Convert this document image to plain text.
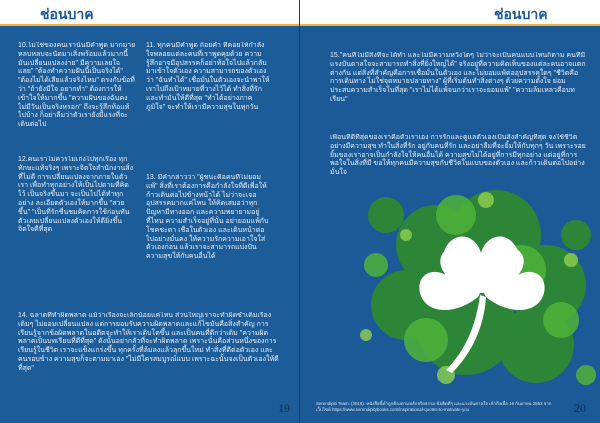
ช่อนบาค
10.ไม่ใช่ของคนเราน้ันมีคำพูด มากมายหลบหลบจะนัดมาเสิ่งพร้อมแล้วมากนี้ มันเปลี่ยนแปลงง่าย" มีความเลยใจ แลย" "ต้องทำความฝันนี้เป็นจริงได้" "ต้องไม่ได้เสียแล้วจริงไหม" ตรงกับข้อที่ว่า "ถ้ายังมีใจ อยากทำ" ต้องการให้เข้าใจให้มากขึ้น "ความฝันของฉันคงไม่มีวันเป็นจริงหรอก" ถึงจะรู้สึกท้อแท้ไปบ้าง ก็อย่าลืมว่าตัวเรายังมีแรงที่จะเดินต่อไป
12.คนเราไม่ควรไม่เก่งไปทุกเรื่อง ทุกทักษะแท้จริงๆ เพราะจิตใจสำนักงานสิ่งที่ไม่ดี การเปลี่ยนแปลงจากภายในตัวเรา เพื่อทำทุกอย่างให้เป็นไปตามที่คิดไว้ เป็นจริงขึ้นมา จะเป็นไปได้ทำทุกอย่าง ละเอียดตัวเองให้มากขึ้น "สวยขึ้น" "เป็นที่รักชื่นชมคิดการใช้ก่อนทันตัวเลยเปลี่ยนแปลงตัวเองให้ดียิ่งขึ้น จิตใจดีที่สุด
11. ทุกคนมีคำพูด ถ้อยคำ ที่คอยให้กำลังใจพลอยแต่ละคนที่เราพูดคุยด้วย ความรู้สึกอาจมีอุปสรรคก็อย่าท้อใจไปแล้วกลับมาเข้าใจตัวเอง ความสามารถของตัวเองว่า "ฉันทำได้" เชื่อมั่นในตัวเองจะนำพาให้เราไปถึงเป้าหมายที่วางไว้ได้ ทำสิ่งที่รักและทำมันให้ดีที่สุด "ทำได้อย่างภาคภูมิใจ" จะทำให้เรามีความสุขในทุกวัน
13. มีคำกล่าวว่า "ผู้ชนะคือคนที่ไม่ยอมแพ้" สิ่งที่เราต้องการคือกำลังใจที่ดีเพื่อให้ก้าวเดินต่อไปข้างหน้าได้ ไม่ว่าจะเจออุปสรรคมากแค่ไหน ให้คิดเสมอว่าทุกปัญหามีทางออก และความพยายามอยู่ที่ไหน ความสำเร็จอยู่ที่นั่น อย่ายอมแพ้กับโชคชะตา เชื่อในตัวเอง และเดินหน้าต่อไปอย่างมั่นคง ให้ความรักความเอาใจใส่ตัวเองก่อน แล้วเราจะสามารถแบ่งปันความสุขให้กับคนอื่นได้
14. ฉลาดที่ทำผิดพลาด แม้ว่าเรื่องจะเล็กน้อยแค่ไหน ส่วนใหญ่เราจะทำผิดซ้ำเดิมเรื่องเดิมๆ ไม่ยอมเปลี่ยนแปลง แต่การยอมรับความผิดพลาดและแก้ไขมันคือสิ่งสำคัญ การเรียนรู้จากข้อผิดพลาดในอดีตจะทำให้เราเติบโตขึ้น และเป็นคนที่ดีกว่าเดิม "ความผิดพลาดเป็นบทเรียนที่ดีที่สุด" ดังนั้นอย่ากลัวที่จะทำผิดพลาด เพราะนั่นคือส่วนหนึ่งของการเรียนรู้ในชีวิต เราจะแข็งแกร่งขึ้น ทุกครั้งที่ล้มลงแล้วลุกขึ้นใหม่ ทำสิ่งที่ดีต่อตัวเอง และคนรอบข้าง ความสุขก็จะตามมาเอง "ไม่มีใครสมบูรณ์แบบ เพราะฉะนั้นจงเป็นตัวเองให้ดีที่สุด"
19
ช่อนบาค
15."คนที่ไม่มีสิ่งที่จะได้ทำ และไม่มีความหวังใดๆ ไม่ว่าจะเป็นคนแบบไหนก็ตาม คนที่มีแรงบันดาลใจจะสามารถทำสิ่งที่ยิ่งใหญ่ได้" จริงอยู่ที่ความคิดเห็นของแต่ละคนอาจแตกต่างกัน แต่สิ่งที่สำคัญคือการเชื่อมั่นในตัวเอง และไม่ยอมแพ้ต่ออุปสรรคใดๆ "ชีวิตคือการเดินทาง ไม่ใช่จุดหมายปลายทาง" ผู้ที่เริ่มต้นทำสิ่งต่างๆ ด้วยความตั้งใจ ย่อมประสบความสำเร็จในที่สุด "เราไม่ได้แพ้จนกว่าเราจะยอมแพ้" "ความล้มเหลวคือบทเรียน"
เพื่อนที่ดีที่สุดของเราคือตัวเราเอง การรักและดูแลตัวเองเป็นสิ่งสำคัญที่สุด จงใช้ชีวิตอย่างมีความสุข ทำในสิ่งที่รัก อยู่กับคนที่รัก และอย่าลืมที่จะยิ้มให้กับทุกๆ วัน เพราะรอยยิ้มของเราอาจเป็นกำลังใจให้คนอื่นได้ ความสุขไม่ได้อยู่ที่การมีทุกอย่าง แต่อยู่ที่การพอใจในสิ่งที่มี ขอให้ทุกคนมีความสุขกับชีวิตในแบบของตัวเอง และก้าวเดินต่อไปอย่างมั่นใจ
20
Serendipiti Team. (2016). หนังสือนี้ทำถูกต้องตามหลักจริยธรรม ข้อคิดดีๆ และแรงบันดาลใจ เข้าถึงเมื่อ 16 กันยายน 2562 จากเว็บไซต์ https://www.serendipitybooks.com/inspirational-quotes-to-motivate-you
